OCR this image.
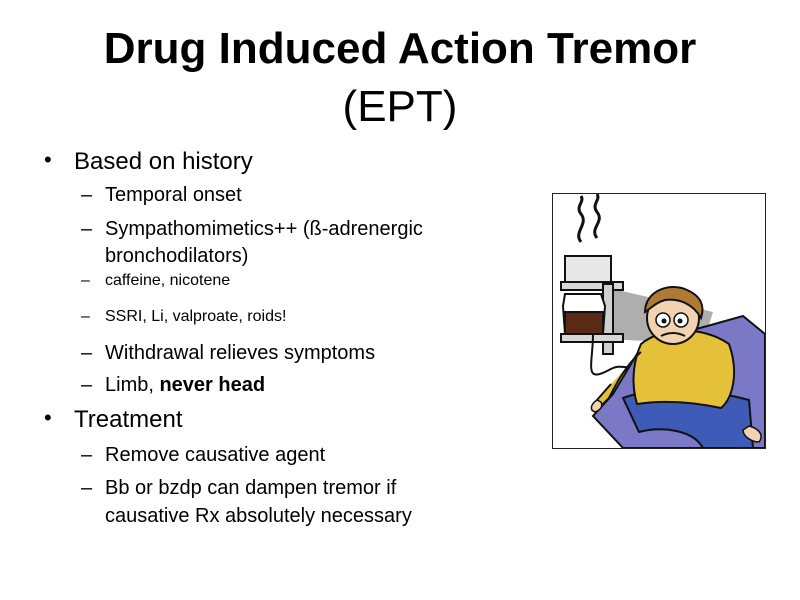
Drug Induced Action Tremor
(EPT)
• Based on history
– Temporal onset
– Sympathomimetics++ (ß-adrenergic
bronchodilators)
– caffeine, nicotene
– SSRI, Li, valproate, roids!
– Withdrawal relieves symptoms
– Limb, never head
• Treatment
– Remove causative agent
– Bb or bzdp can dampen tremor if
causative Rx absolutely necessary
